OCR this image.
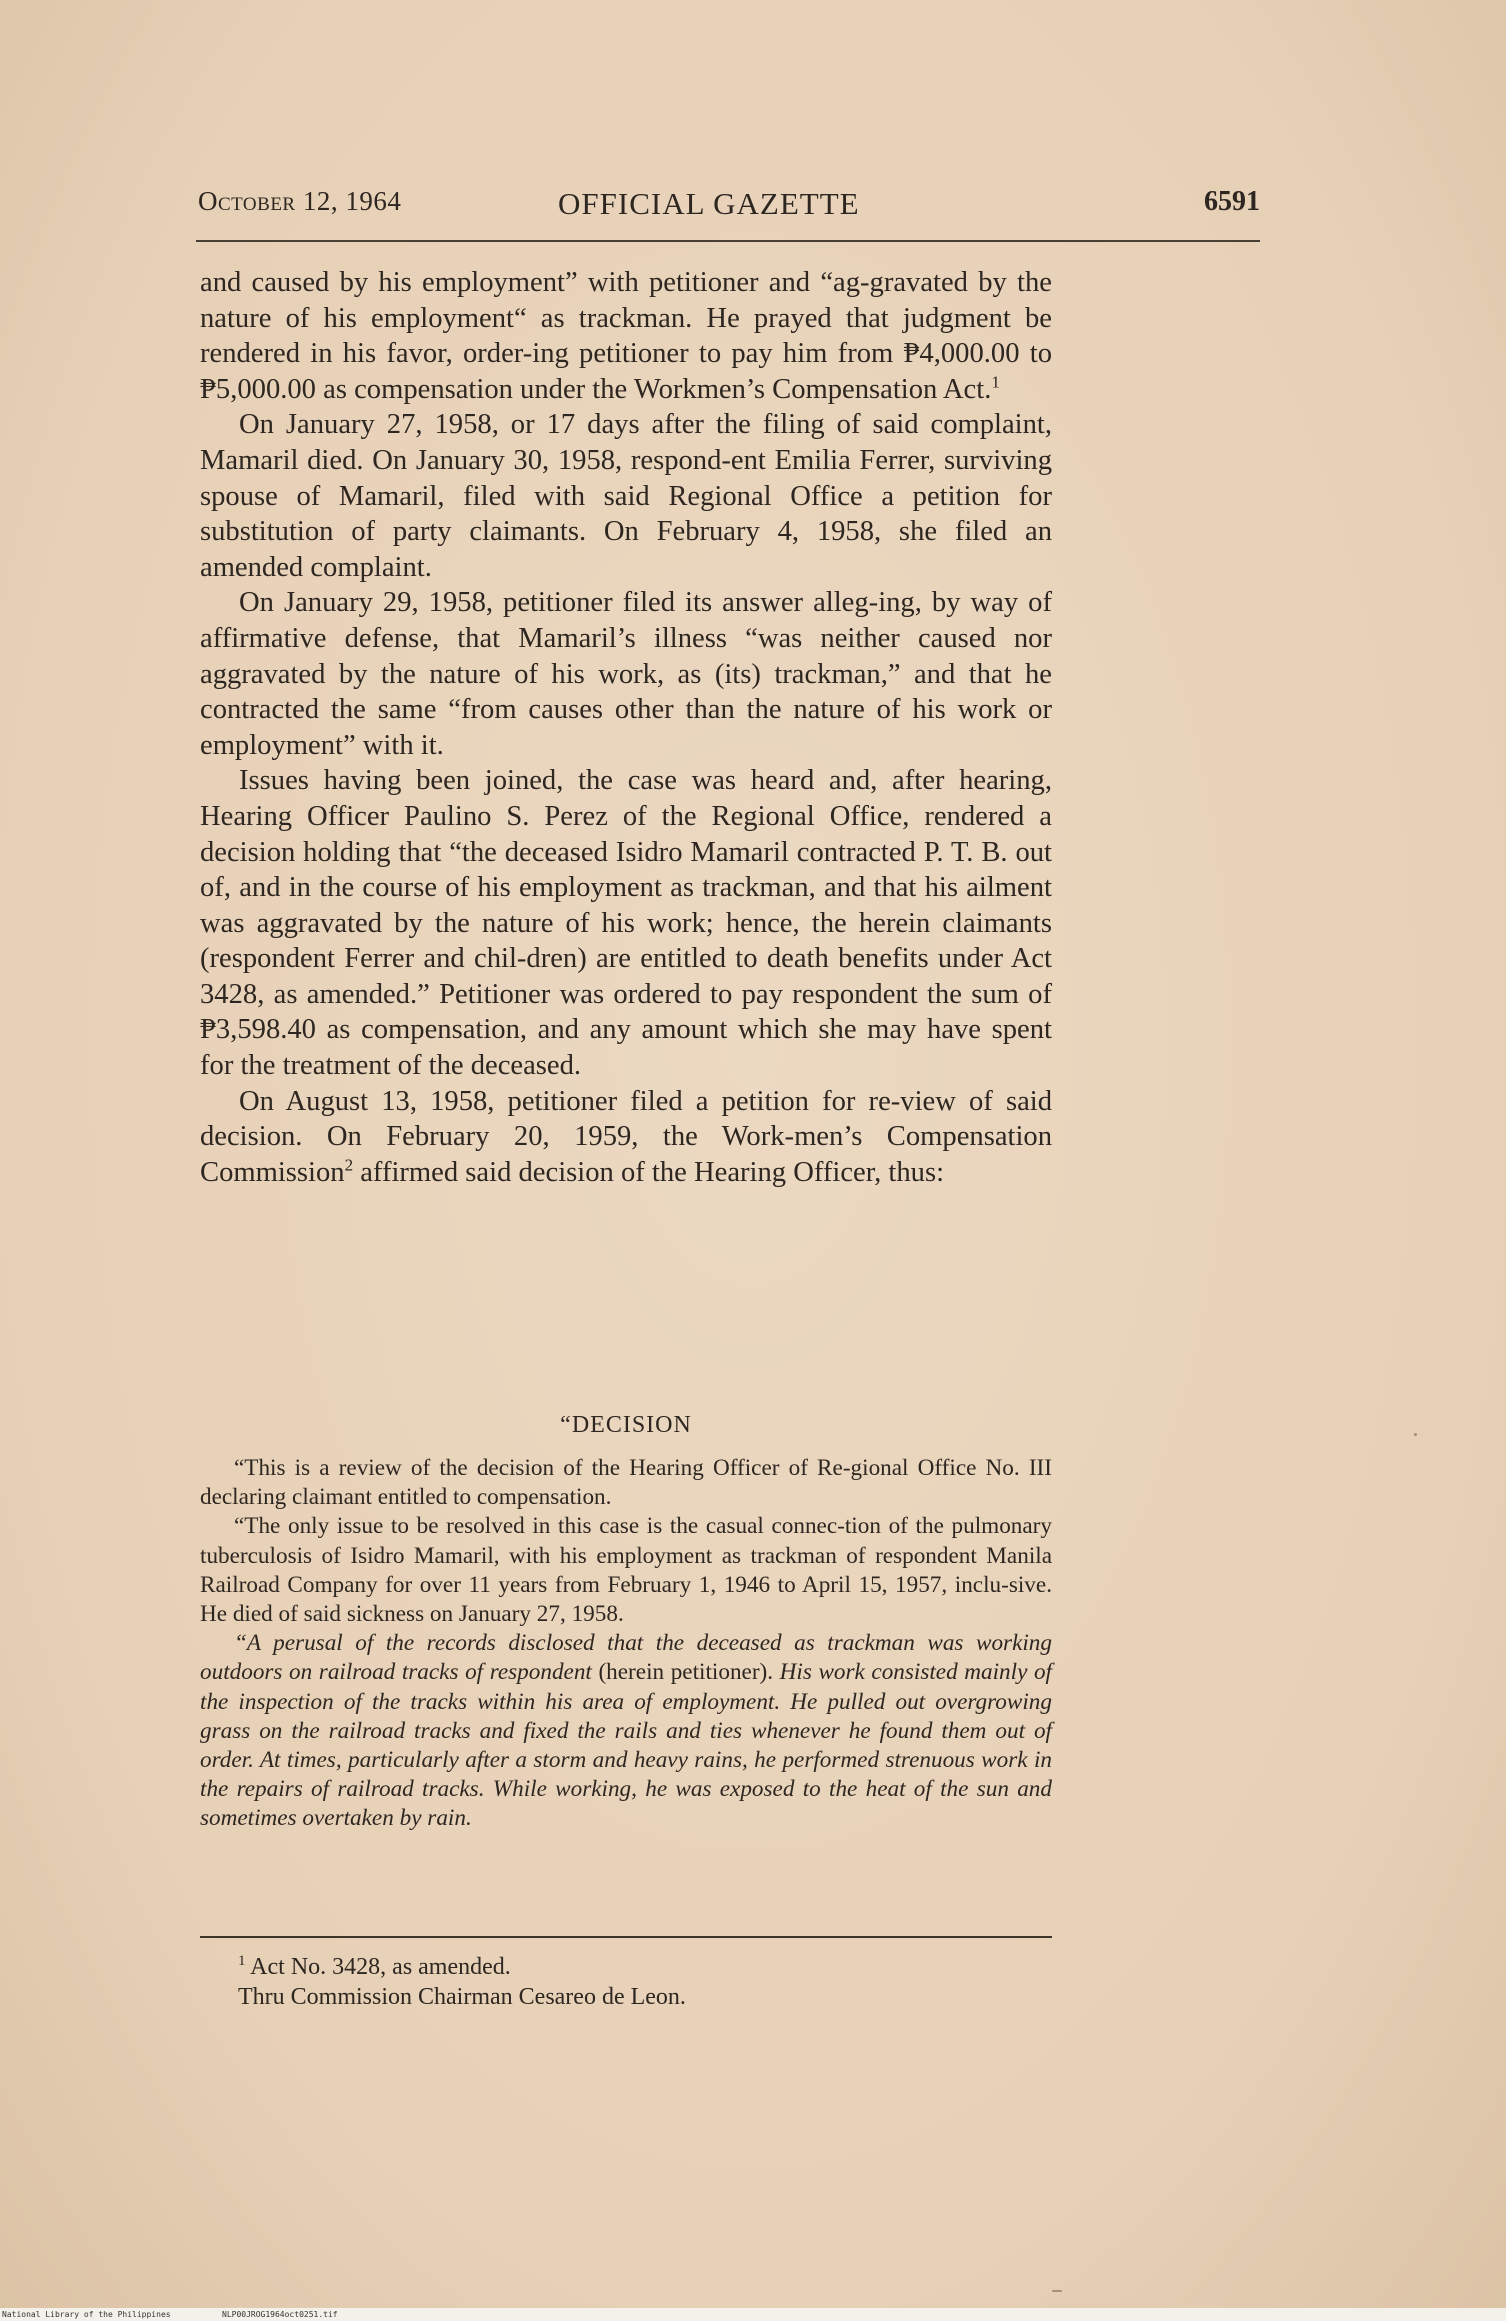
October 12, 1964	OFFICIAL GAZETTE	6591

and caused by his employment” with petitioner and “ag-gravated by the nature of his employment“ as trackman. He prayed that judgment be rendered in his favor, order-ing petitioner to pay him from ₱4,000.00 to ₱5,000.00 as compensation under the Workmen’s Compensation Act.$^1$

On January 27, 1958, or 17 days after the filing of said complaint, Mamaril died. On January 30, 1958, respond-ent Emilia Ferrer, surviving spouse of Mamaril, filed with said Regional Office a petition for substitution of party claimants. On February 4, 1958, she filed an amended complaint.

On January 29, 1958, petitioner filed its answer alleg-ing, by way of affirmative defense, that Mamaril’s illness “was neither caused nor aggravated by the nature of his work, as (its) trackman,” and that he contracted the same “from causes other than the nature of his work or employment” with it.

Issues having been joined, the case was heard and, after hearing, Hearing Officer Paulino S. Perez of the Regional Office, rendered a decision holding that “the deceased Isidro Mamaril contracted P. T. B. out of, and in the course of his employment as trackman, and that his ailment was aggravated by the nature of his work; hence, the herein claimants (respondent Ferrer and chil-dren) are entitled to death benefits under Act 3428, as amended.” Petitioner was ordered to pay respondent the sum of ₱3,598.40 as compensation, and any amount which she may have spent for the treatment of the deceased.

On August 13, 1958, petitioner filed a petition for re-view of said decision. On February 20, 1959, the Work-men’s Compensation Commission$^2$ affirmed said decision of the Hearing Officer, thus:

“DECISION

“This is a review of the decision of the Hearing Officer of Re-gional Office No. III declaring claimant entitled to compensation.

“The only issue to be resolved in this case is the casual connec-tion of the pulmonary tuberculosis of Isidro Mamaril, with his employment as trackman of respondent Manila Railroad Company for over 11 years from February 1, 1946 to April 15, 1957, inclu-sive. He died of said sickness on January 27, 1958.

“A perusal of the records disclosed that the deceased as trackman was working outdoors on railroad tracks of respondent (herein petitioner). His work consisted mainly of the inspection of the tracks within his area of employment. He pulled out overgrowing grass on the railroad tracks and fixed the rails and ties whenever he found them out of order. At times, particularly after a storm and heavy rains, he performed strenuous work in the repairs of railroad tracks. While working, he was exposed to the heat of the sun and sometimes overtaken by rain.

$^1$ Act No. 3428, as amended.

Thru Commission Chairman Cesareo de Leon.

National Library of the Philippines	NLP00JROG1964oct0251.tif
